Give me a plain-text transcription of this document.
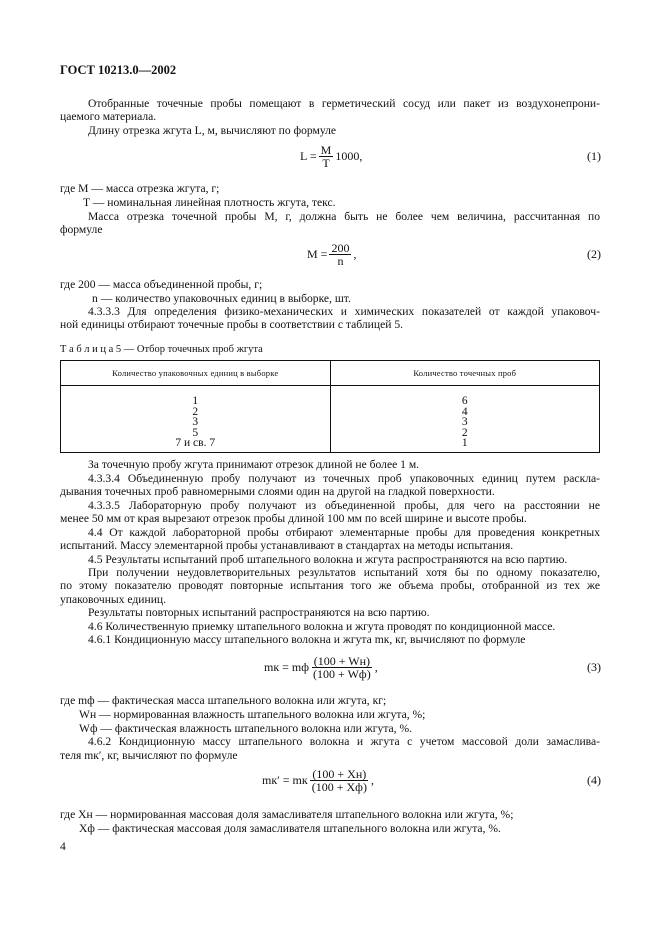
ГОСТ 10213.0—2002
Отобранные точечные пробы помещают в герметический сосуд или пакет из воздухонепрони-
цаемого материала.
Длину отрезка жгута L, м, вычисляют по формуле
$L = \frac{M}{T} 1000$,	(1)
где M — масса отрезка жгута, г;
T — номинальная линейная плотность жгута, текс.
Масса отрезка точечной пробы M, г, должна быть не более чем величина, рассчитанная по
формуле
$M = \frac{200}{n}$ ,	(2)
где 200 — масса объединенной пробы, г;
n — количество упаковочных единиц в выборке, шт.
4.3.3.3 Для определения физико-механических и химических показателей от каждой упаковоч-
ной единицы отбирают точечные пробы в соответствии с таблицей 5.
Т а б л и ц а 5 — Отбор точечных проб жгута
Количество упаковочных единиц в выборке	Количество точечных проб
1	6
2	4
3	3
5	2
7 и св. 7	1
За точечную пробу жгута принимают отрезок длиной не более 1 м.
4.3.3.4 Объединенную пробу получают из точечных проб упаковочных единиц путем раскла-
дывания точечных проб равномерными слоями один на другой на гладкой поверхности.
4.3.3.5 Лабораторную пробу получают из объединенной пробы, для чего на расстоянии не
менее 50 мм от края вырезают отрезок пробы длиной 100 мм по всей ширине и высоте пробы.
4.4 От каждой лабораторной пробы отбирают элементарные пробы для проведения конкретных
испытаний. Массу элементарной пробы устанавливают в стандартах на методы испытания.
4.5 Результаты испытаний проб штапельного волокна и жгута распространяются на всю партию.
При получении неудовлетворительных результатов испытаний хотя бы по одному показателю,
по этому показателю проводят повторные испытания того же объема пробы, отобранной из тех же
упаковочных единиц.
Результаты повторных испытаний распространяются на всю партию.
4.6 Количественную приемку штапельного волокна и жгута проводят по кондиционной массе.
4.6.1 Кондиционную массу штапельного волокна и жгута mк, кг, вычисляют по формуле
mк = mф $\frac{(100 + Wн)}{(100 + Wф)}$ ,	(3)
где mф — фактическая масса штапельного волокна или жгута, кг;
Wн — нормированная влажность штапельного волокна или жгута, %;
Wф — фактическая влажность штапельного волокна или жгута, %.
4.6.2 Кондиционную массу штапельного волокна и жгута с учетом массовой доли замаслива-
теля mк′, кг, вычисляют по формуле
mк′ = mк $\frac{(100 + Xн)}{(100 + Xф)}$ ,	(4)
где Xн — нормированная массовая доля замасливателя штапельного волокна или жгута, %;
Xф — фактическая массовая доля замасливателя штапельного волокна или жгута, %.
4
